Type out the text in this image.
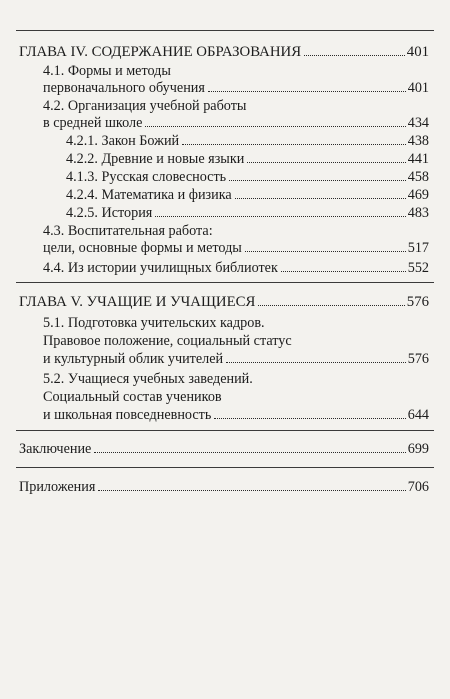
ГЛАВА IV. СОДЕРЖАНИЕ ОБРАЗОВАНИЯ	401
4.1. Формы и методы
первоначального обучения	401
4.2. Организация учебной работы
в средней школе	434
4.2.1. Закон Божий	438
4.2.2. Древние и новые языки	441
4.1.3. Русская словесность	458
4.2.4. Математика и физика	469
4.2.5. История	483
4.3. Воспитательная работа:
цели, основные формы и методы	517
4.4. Из истории училищных библиотек	552
ГЛАВА V. УЧАЩИЕ И УЧАЩИЕСЯ	576
5.1. Подготовка учительских кадров.
Правовое положение, социальный статус
и культурный облик учителей	576
5.2. Учащиеся учебных заведений.
Социальный состав учеников
и школьная повседневность	644
Заключение	699
Приложения	706
